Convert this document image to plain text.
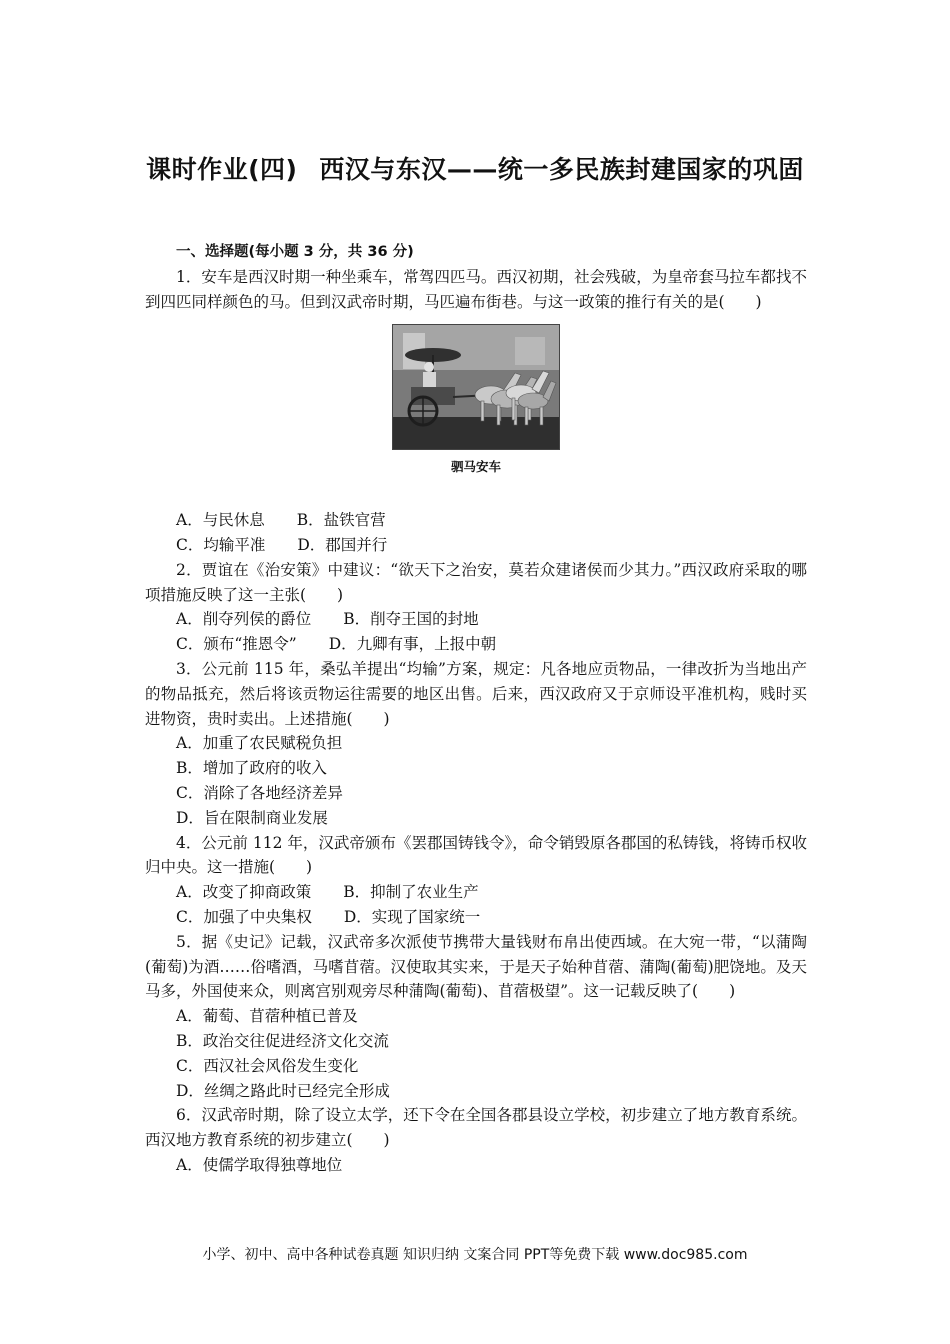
课时作业(四) 西汉与东汉——统一多民族封建国家的巩固
一、选择题(每小题 3 分，共 36 分)
1．安车是西汉时期一种坐乘车，常驾四匹马。西汉初期，社会残破，为皇帝套马拉车都找不到四匹同样颜色的马。但到汉武帝时期，马匹遍布街巷。与这一政策的推行有关的是(　　)
驷马安车
A．与民休息 B．盐铁官营
C．均输平准 D．郡国并行
2．贾谊在《治安策》中建议：“欲天下之治安，莫若众建诸侯而少其力。”西汉政府采取的哪项措施反映了这一主张(　　)
A．削夺列侯的爵位 B．削夺王国的封地
C．颁布“推恩令” D．九卿有事，上报中朝
3．公元前 115 年，桑弘羊提出“均输”方案，规定：凡各地应贡物品，一律改折为当地出产的物品抵充，然后将该贡物运往需要的地区出售。后来，西汉政府又于京师设平准机构，贱时买进物资，贵时卖出。上述措施(　　)
A．加重了农民赋税负担
B．增加了政府的收入
C．消除了各地经济差异
D．旨在限制商业发展
4．公元前 112 年，汉武帝颁布《罢郡国铸钱令》，命令销毁原各郡国的私铸钱，将铸币权收归中央。这一措施(　　)
A．改变了抑商政策 B．抑制了农业生产
C．加强了中央集权 D．实现了国家统一
5．据《史记》记载，汉武帝多次派使节携带大量钱财布帛出使西域。在大宛一带，“以蒲陶(葡萄)为酒……俗嗜酒，马嗜苜蓿。汉使取其实来，于是天子始种苜蓿、蒲陶(葡萄)肥饶地。及天马多，外国使来众，则离宫别观旁尽种蒲陶(葡萄)、苜蓿极望”。这一记载反映了(　　)
A．葡萄、苜蓿种植已普及
B．政治交往促进经济文化交流
C．西汉社会风俗发生变化
D．丝绸之路此时已经完全形成
6．汉武帝时期，除了设立太学，还下令在全国各郡县设立学校，初步建立了地方教育系统。西汉地方教育系统的初步建立(　　)
A．使儒学取得独尊地位
小学、初中、高中各种试卷真题 知识归纳 文案合同 PPT等免费下载 www.doc985.com
